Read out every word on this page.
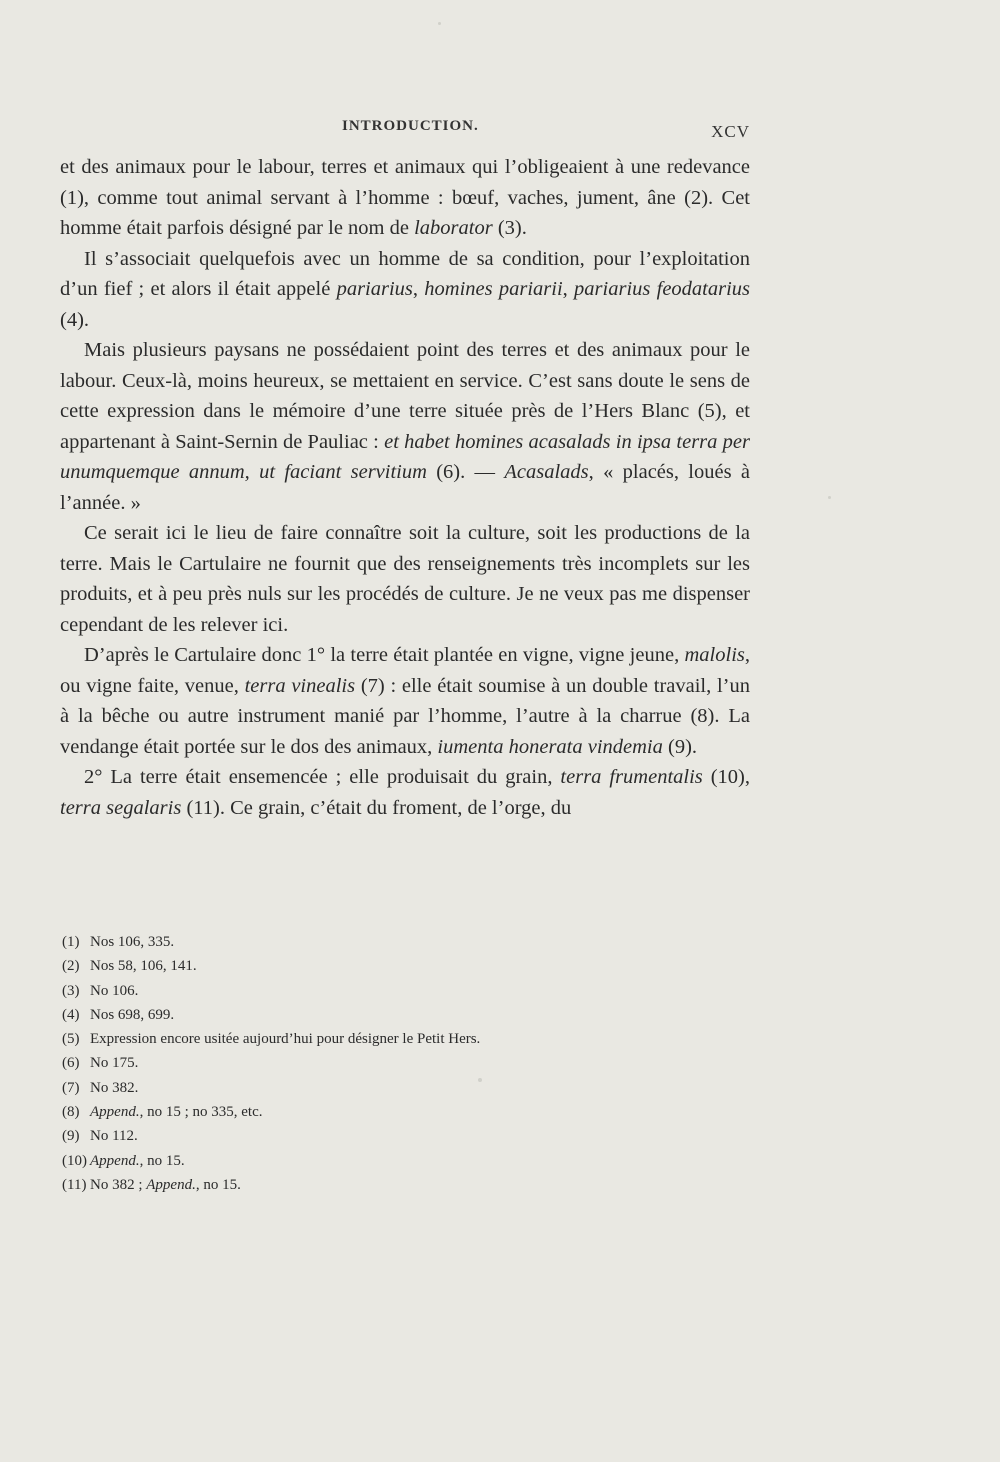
INTRODUCTION.	XCV

et des animaux pour le labour, terres et animaux qui l’obligeaient à une redevance (1), comme tout animal servant à l’homme : bœuf, vaches, jument, âne (2). Cet homme était parfois désigné par le nom de laborator (3).

Il s’associait quelquefois avec un homme de sa condition, pour l’exploitation d’un fief ; et alors il était appelé pariarius, homines pariarii, pariarius feodatarius (4).

Mais plusieurs paysans ne possédaient point des terres et des animaux pour le labour. Ceux-là, moins heureux, se mettaient en service. C’est sans doute le sens de cette expression dans le mémoire d’une terre située près de l’Hers Blanc (5), et appartenant à Saint-Sernin de Pauliac : et habet homines acasalads in ipsa terra per unumquemque annum, ut faciant servitium (6). — Acasalads, « placés, loués à l’année. »

Ce serait ici le lieu de faire connaître soit la culture, soit les productions de la terre. Mais le Cartulaire ne fournit que des renseignements très incomplets sur les produits, et à peu près nuls sur les procédés de culture. Je ne veux pas me dispenser cependant de les relever ici.

D’après le Cartulaire donc 1° la terre était plantée en vigne, vigne jeune, malolis, ou vigne faite, venue, terra vinealis (7) : elle était soumise à un double travail, l’un à la bêche ou autre instrument manié par l’homme, l’autre à la charrue (8). La vendange était portée sur le dos des animaux, iumenta honerata vindemia (9).

2° La terre était ensemencée ; elle produisait du grain, terra frumentalis (10), terra segalaris (11). Ce grain, c’était du froment, de l’orge, du

(1) Nos 106, 335.
(2) Nos 58, 106, 141.
(3) No 106.
(4) Nos 698, 699.
(5) Expression encore usitée aujourd’hui pour désigner le Petit Hers.
(6) No 175.
(7) No 382.
(8) Append., no 15 ; no 335, etc.
(9) No 112.
(10) Append., no 15.
(11) No 382 ; Append., no 15.
